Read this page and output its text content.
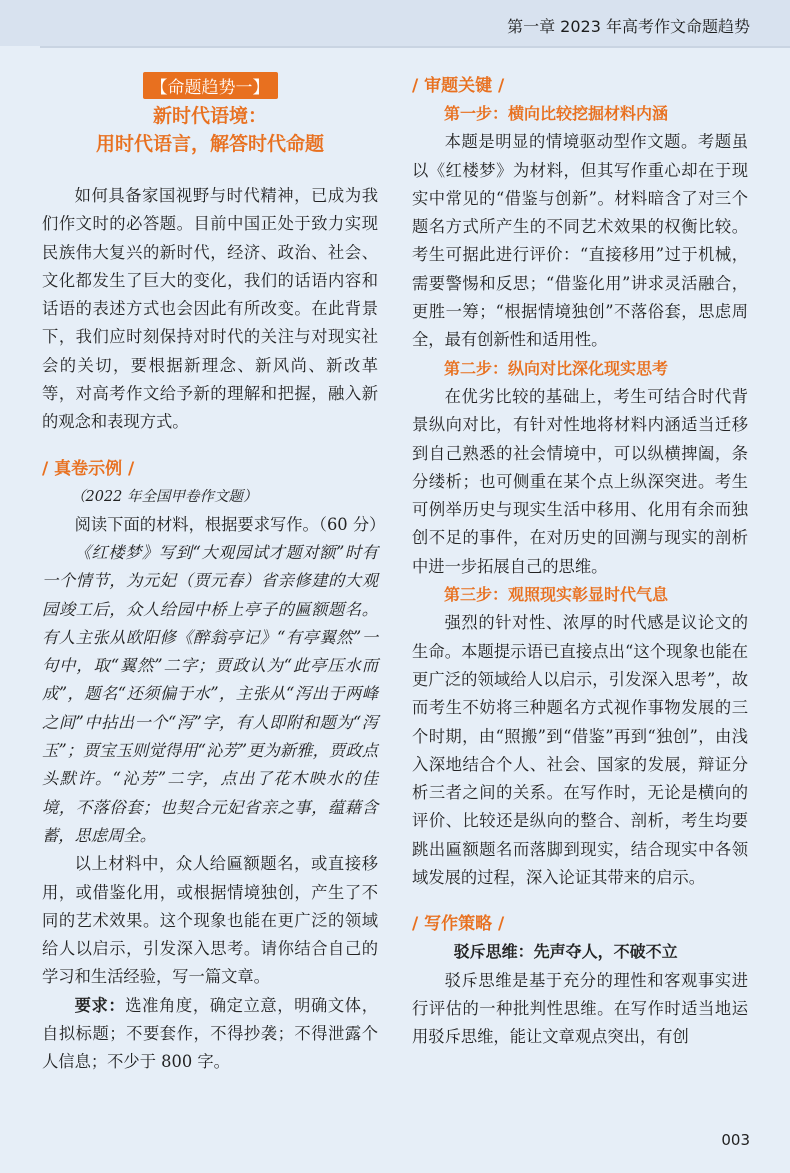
第一章 2023 年高考作文命题趋势
【命题趋势一】
新时代语境：
用时代语言，解答时代命题

如何具备家国视野与时代精神，已成为我们作文时的必答题。目前中国正处于致力实现民族伟大复兴的新时代，经济、政治、社会、文化都发生了巨大的变化，我们的话语内容和话语的表述方式也会因此有所改变。在此背景下，我们应时刻保持对时代的关注与对现实社会的关切，要根据新理念、新风尚、新改革等，对高考作文给予新的理解和把握，融入新的观念和表现方式。

/ 真卷示例 /
（2022 年全国甲卷作文题）

阅读下面的材料，根据要求写作。（60 分）

《红楼梦》写到“大观园试才题对额”时有一个情节，为元妃（贾元春）省亲修建的大观园竣工后，众人给园中桥上亭子的匾额题名。有人主张从欧阳修《醉翁亭记》“有亭翼然”一句中，取“翼然”二字；贾政认为“此亭压水而成”，题名“还须偏于水”，主张从“泻出于两峰之间”中拈出一个“泻”字，有人即附和题为“泻玉”；贾宝玉则觉得用“沁芳”更为新雅，贾政点头默许。“沁芳”二字，点出了花木映水的佳境，不落俗套；也契合元妃省亲之事，蕴藉含蓄，思虑周全。

以上材料中，众人给匾额题名，或直接移用，或借鉴化用，或根据情境独创，产生了不同的艺术效果。这个现象也能在更广泛的领域给人以启示，引发深入思考。请你结合自己的学习和生活经验，写一篇文章。

要求：选准角度，确定立意，明确文体，自拟标题；不要套作，不得抄袭；不得泄露个人信息；不少于 800 字。

/ 审题关键 /
第一步：横向比较挖掘材料内涵

本题是明显的情境驱动型作文题。考题虽以《红楼梦》为材料，但其写作重心却在于现实中常见的“借鉴与创新”。材料暗含了对三个题名方式所产生的不同艺术效果的权衡比较。考生可据此进行评价：“直接移用”过于机械，需要警惕和反思；“借鉴化用”讲求灵活融合，更胜一筹；“根据情境独创”不落俗套，思虑周全，最有创新性和适用性。

第二步：纵向对比深化现实思考

在优劣比较的基础上，考生可结合时代背景纵向对比，有针对性地将材料内涵适当迁移到自己熟悉的社会情境中，可以纵横捭阖，条分缕析；也可侧重在某个点上纵深突进。考生可例举历史与现实生活中移用、化用有余而独创不足的事件，在对历史的回溯与现实的剖析中进一步拓展自己的思维。

第三步：观照现实彰显时代气息

强烈的针对性、浓厚的时代感是议论文的生命。本题提示语已直接点出“这个现象也能在更广泛的领域给人以启示，引发深入思考”，故而考生不妨将三种题名方式视作事物发展的三个时期，由“照搬”到“借鉴”再到“独创”，由浅入深地结合个人、社会、国家的发展，辩证分析三者之间的关系。在写作时，无论是横向的评价、比较还是纵向的整合、剖析，考生均要跳出匾额题名而落脚到现实，结合现实中各领域发展的过程，深入论证其带来的启示。

/ 写作策略 /
驳斥思维：先声夺人，不破不立

驳斥思维是基于充分的理性和客观事实进行评估的一种批判性思维。在写作时适当地运用驳斥思维，能让文章观点突出，有创

003
